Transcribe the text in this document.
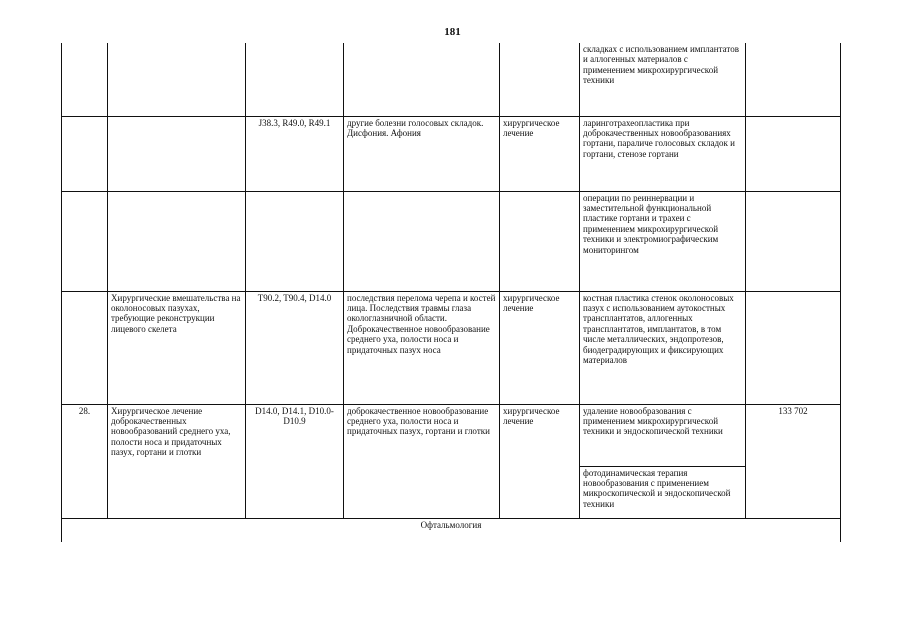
181
					складках с использованием имплантатов и аллогенных материалов с применением микрохирургической техники	
		J38.3, R49.0, R49.1	другие болезни голосовых складок. Дисфония. Афония	хирургическое лечение	ларинготрахеопластика при доброкачественных новообразованиях гортани, параличе голосовых складок и гортани, стенозе гортани	
					операции по реиннервации и заместительной функциональной пластике гортани и трахеи с применением микрохирургической техники и электромиографическим мониторингом	
	Хирургические вмешательства на околоносовых пазухах, требующие реконструкции лицевого скелета	T90.2, T90.4, D14.0	последствия перелома черепа и костей лица. Последствия травмы глаза окологлазничной области. Доброкачественное новообразование среднего уха, полости носа и придаточных пазух носа	хирургическое лечение	костная пластика стенок околоносовых пазух с использованием аутокостных трансплантатов, аллогенных трансплантатов, имплантатов, в том числе металлических, эндопротезов, биодеградирующих и фиксирующих материалов	
28.	Хирургическое лечение доброкачественных новообразований среднего уха, полости носа и придаточных пазух, гортани и глотки	D14.0, D14.1, D10.0-D10.9	доброкачественное новообразование среднего уха, полости носа и придаточных пазух, гортани и глотки	хирургическое лечение	удаление новообразования с применением микрохирургической техники и эндоскопической техники	133 702
					фотодинамическая терапия новообразования с применением микроскопической и эндоскопической техники	
Офтальмология						
